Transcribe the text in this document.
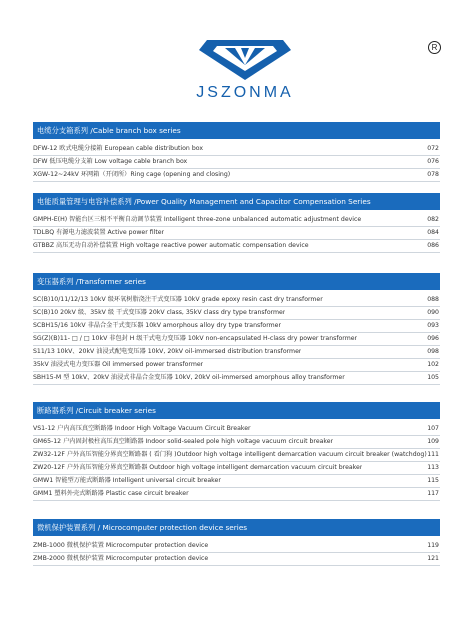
JSZONMA
R
电缆分支箱系列 /Cable branch box series
DFW-12 欧式电缆分接箱 European cable distribution box	072
DFW 低压电缆分支箱 Low voltage cable branch box	076
XGW-12~24kV 环网箱（开闭所）Ring cage (opening and closing)	078
电能质量管理与电容补偿系列 /Power Quality Management and Capacitor Compensation Series
GMPH-E(H) 智能台区三相不平衡自动调节装置 Intelligent three-zone unbalanced automatic adjustment device	082
TDLBQ 有源电力滤波装置 Active power filter	084
GTBBZ 高压无功自动补偿装置 High voltage reactive power automatic compensation device	086
变压器系列 /Transformer series
SC(B)10/11/12/13 10kV 级环氧树脂浇注干式变压器 10kV grade epoxy resin cast dry transformer	088
SC(B)10 20kV 级、35kV 级 干式变压器 20kV class, 35kV class dry type transformer	090
SCBH15/16 10kV 非晶合金干式变压器 10kV amorphous alloy dry type transformer	093
SG(Z)(B)11- □ / □ 10kV 非包封 H 级干式电力变压器 10kV non-encapsulated H-class dry power transformer	096
S11/13 10kV、20kV 油浸式配电变压器 10kV, 20kV oil-immersed distribution transformer	098
35kV 油浸式电力变压器 Oil immersed power transformer	102
SBH15-M 型 10kV、20kV 油浸式非晶合金变压器 10kV, 20kV oil-immersed amorphous alloy transformer	105
断路器系列 /Circuit breaker series
VS1-12 户内高压真空断路器 Indoor High Voltage Vacuum Circuit Breaker	107
GM65-12 户内固封极柱高压真空断路器 Indoor solid-sealed pole high voltage vacuum circuit breaker	109
ZW32-12F 户外高压智能分界真空断路器 ( 看门狗 )Outdoor high voltage intelligent demarcation vacuum circuit breaker (watchdog) 111
ZW20-12F 户外高压智能分界真空断路器 Outdoor high voltage intelligent demarcation vacuum circuit breaker	113
GMW1 智能型万能式断路器 Intelligent universal circuit breaker	115
GMM1 塑料外壳式断路器 Plastic case circuit breaker	117
微机保护装置系列 / Microcomputer protection device series
ZMB-1000 微机保护装置 Microcomputer protection device	119
ZMB-2000 微机保护装置 Microcomputer protection device	121
